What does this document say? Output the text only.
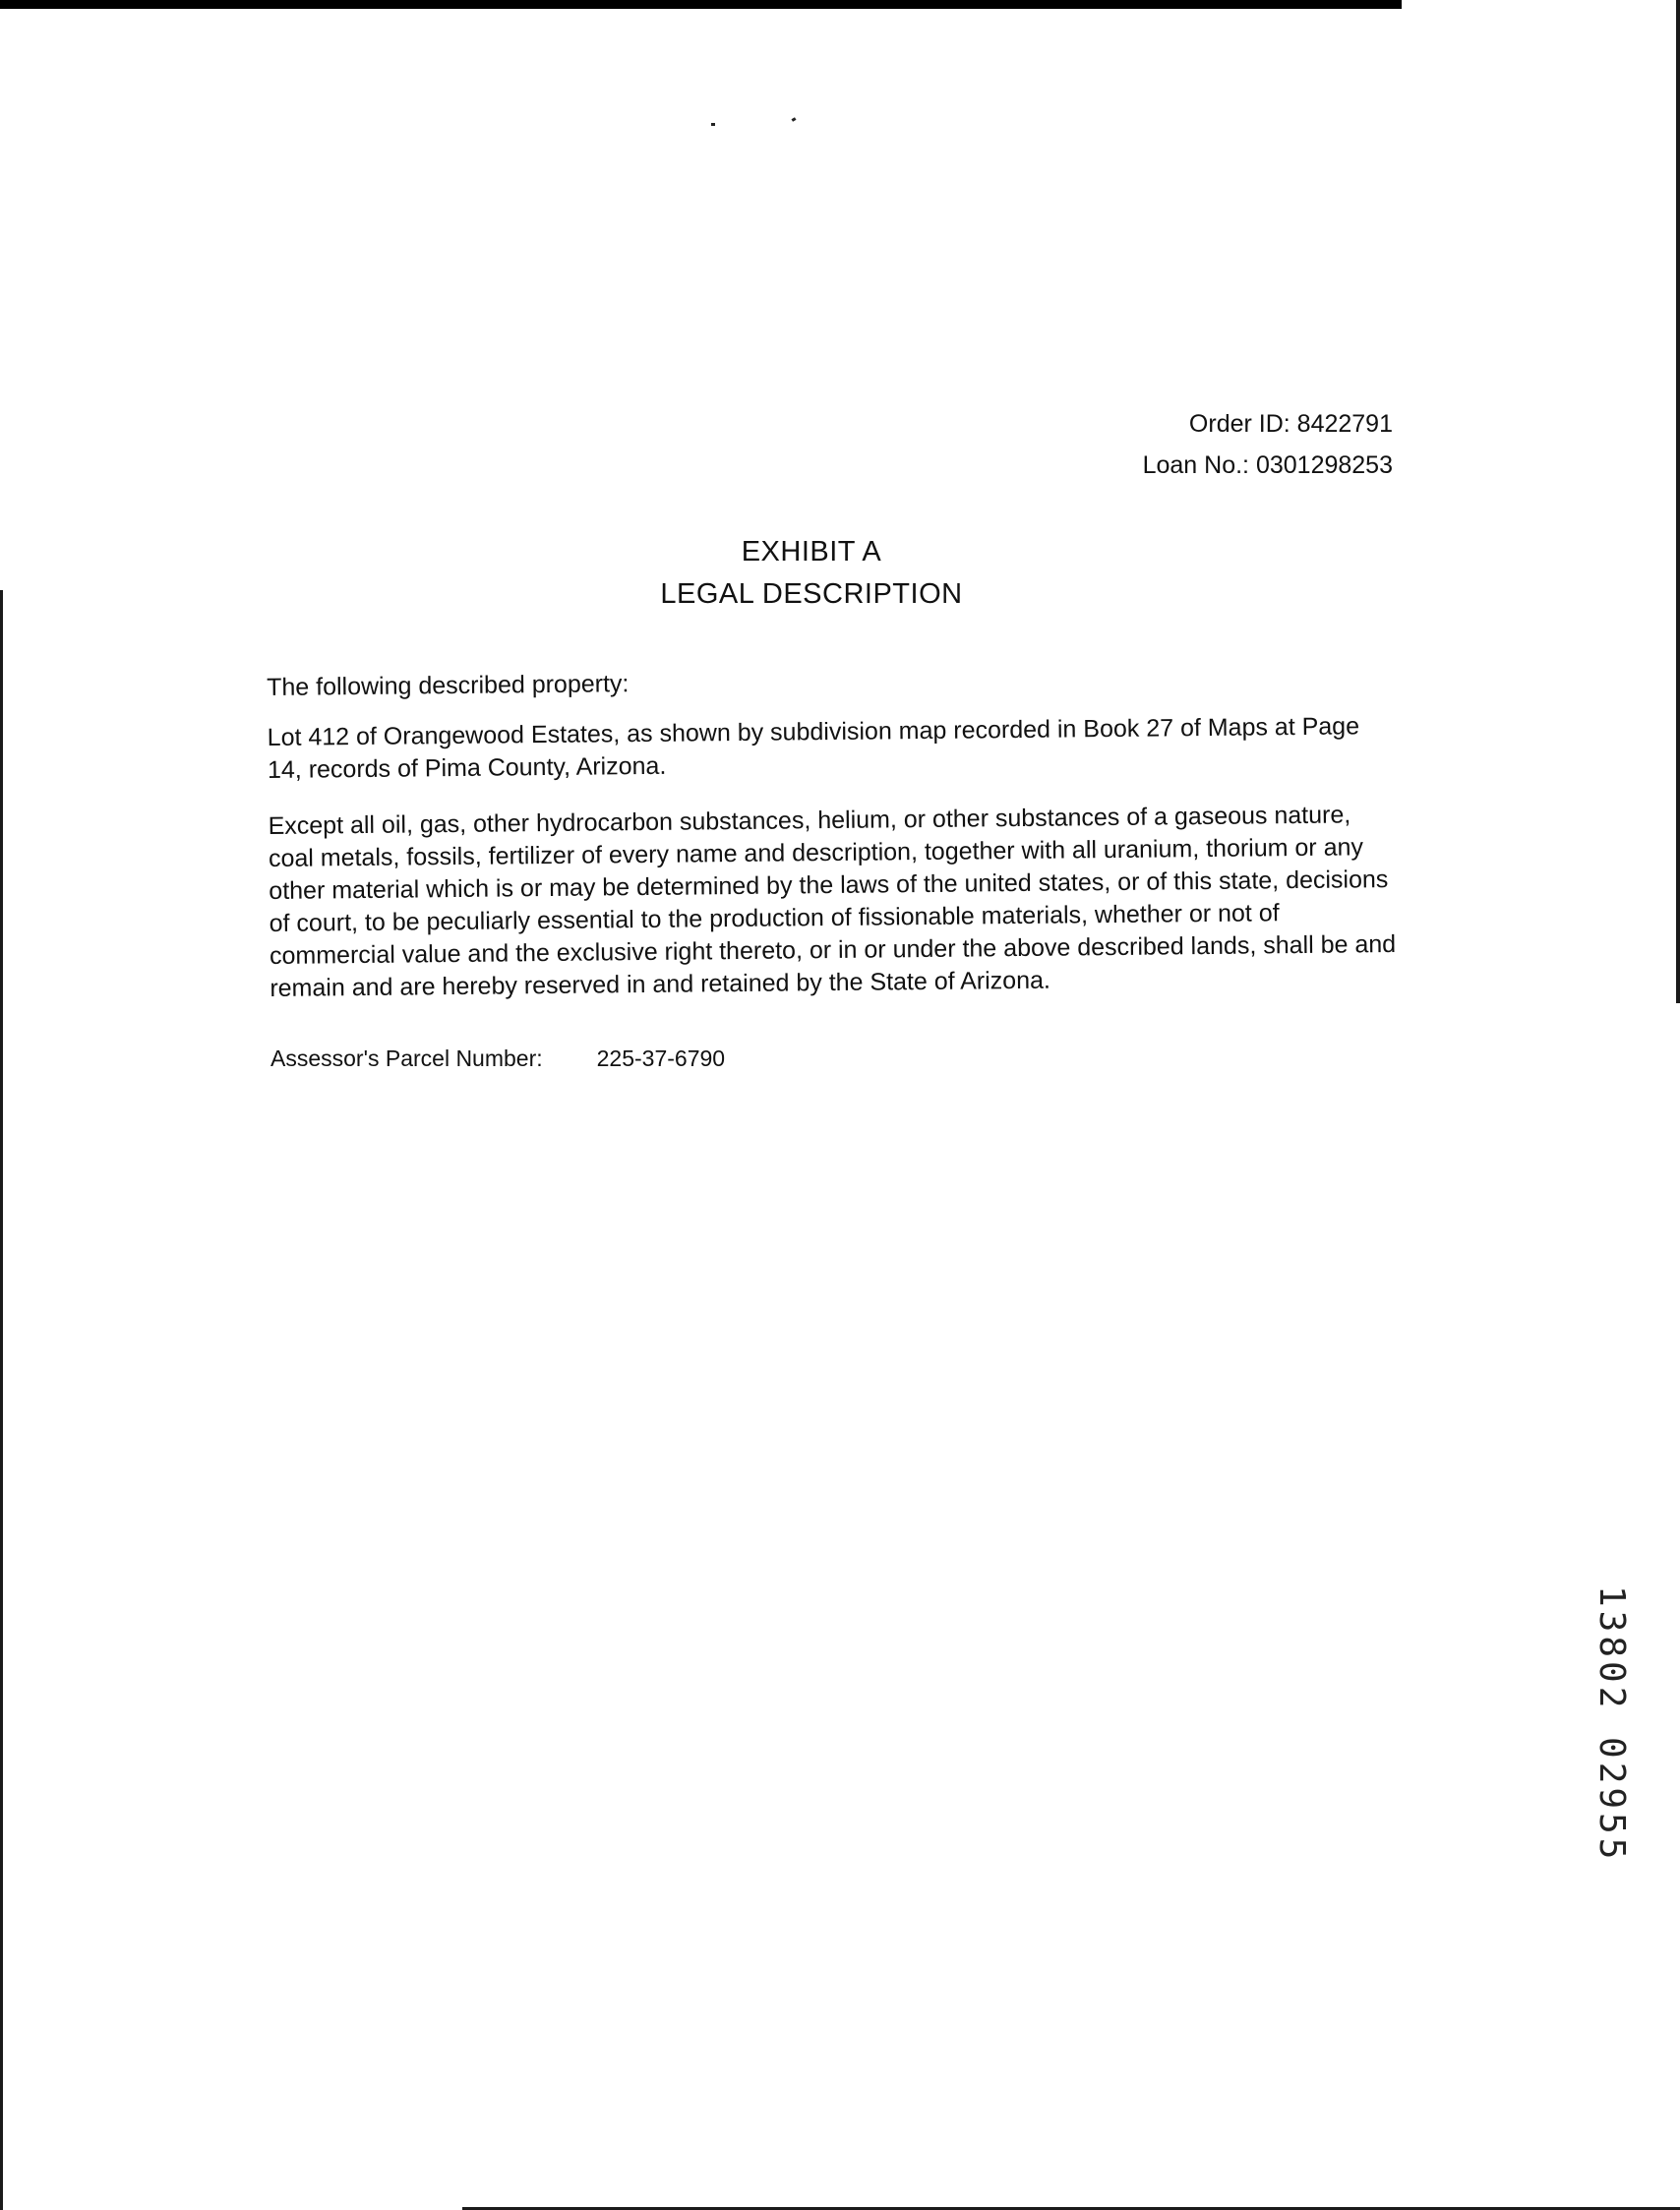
Order ID: 8422791
Loan No.: 0301298253
EXHIBIT A
LEGAL DESCRIPTION

The following described property:

Lot 412 of Orangewood Estates, as shown by subdivision map recorded in Book 27 of Maps at Page 14, records of Pima County, Arizona.

Except all oil, gas, other hydrocarbon substances, helium, or other substances of a gaseous nature, coal metals, fossils, fertilizer of every name and description, together with all uranium, thorium or any other material which is or may be determined by the laws of the united states, or of this state, decisions of court, to be peculiarly essential to the production of fissionable materials, whether or not of commercial value and the exclusive right thereto, or in or under the above described lands, shall be and remain and are hereby reserved in and retained by the State of Arizona.

Assessor's Parcel Number: 225-37-6790
13802 02955
